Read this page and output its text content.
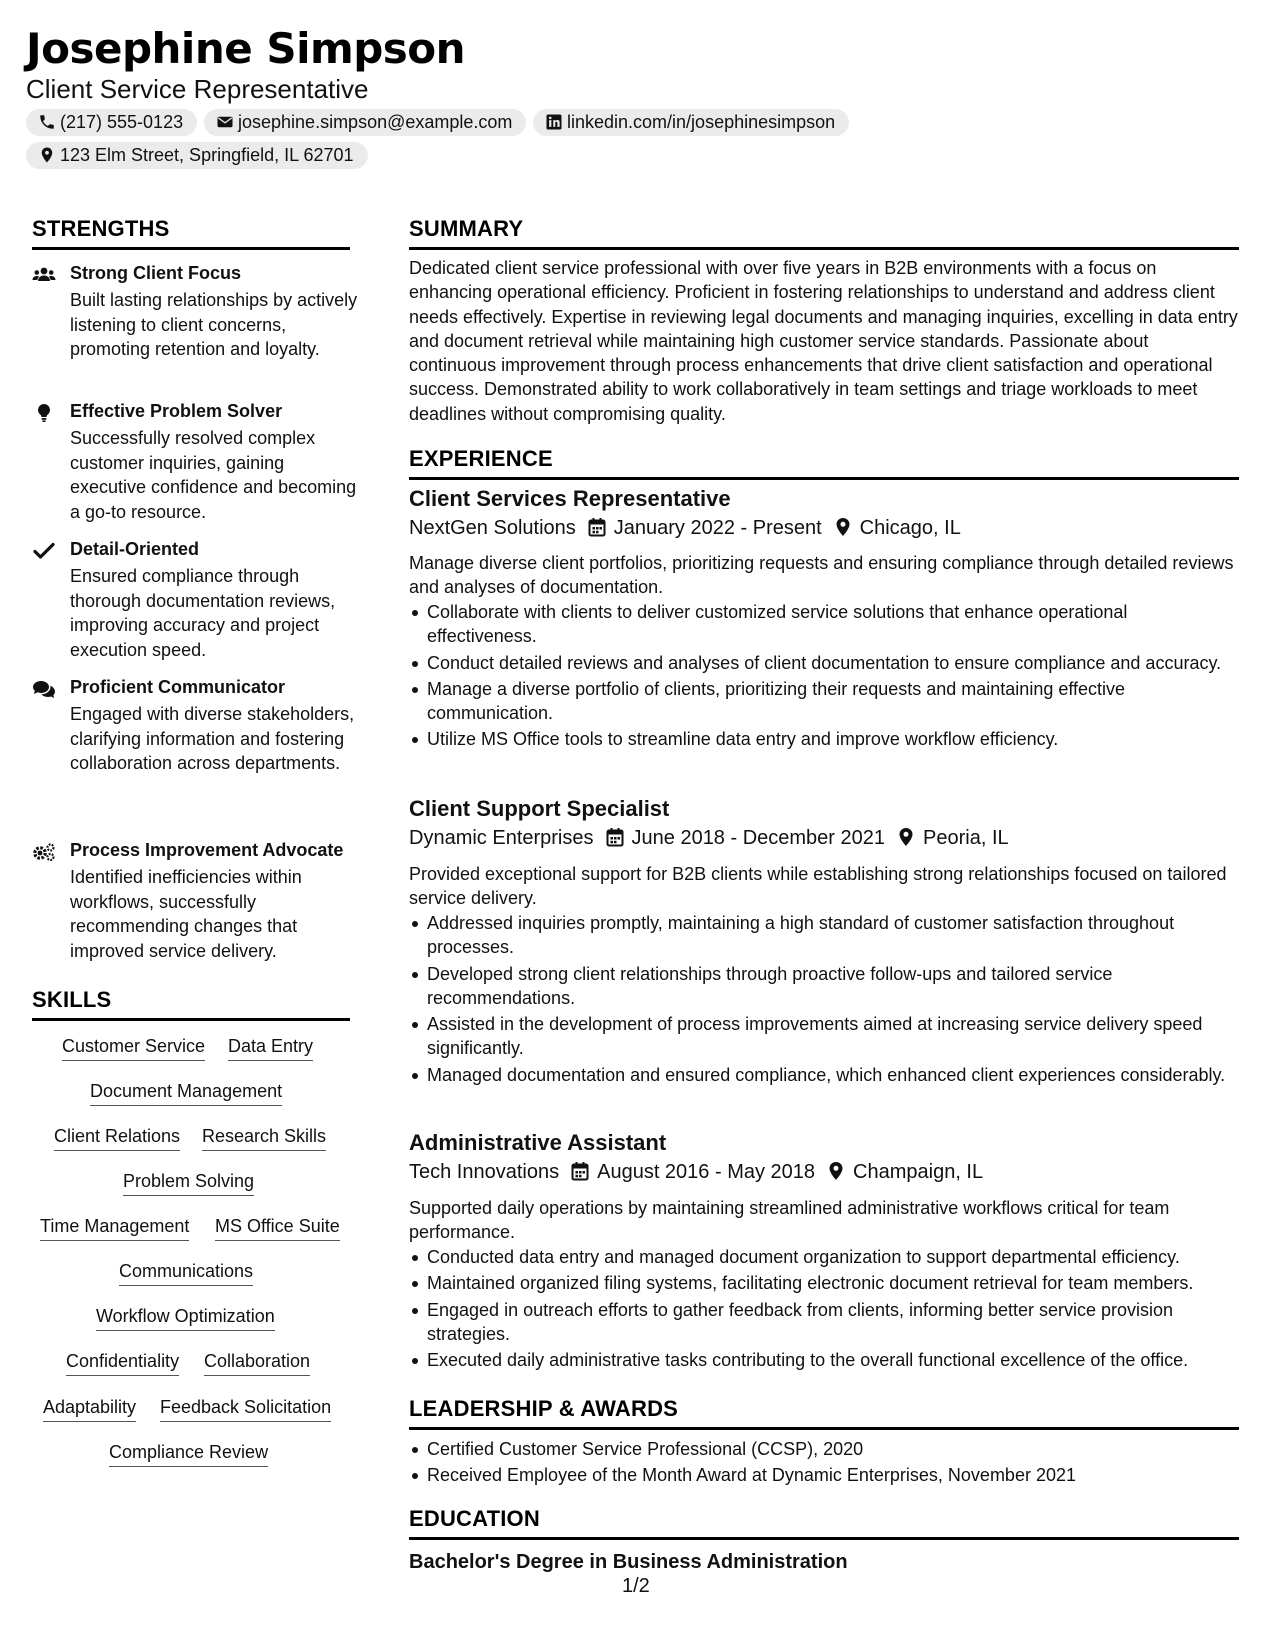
Josephine Simpson
Client Service Representative
(217) 555-0123	josephine.simpson@example.com	linkedin.com/in/josephinesimpson
123 Elm Street, Springfield, IL 62701
STRENGTHS
Strong Client Focus
Built lasting relationships by actively listening to client concerns, promoting retention and loyalty.
Effective Problem Solver
Successfully resolved complex customer inquiries, gaining executive confidence and becoming a go-to resource.
Detail-Oriented
Ensured compliance through thorough documentation reviews, improving accuracy and project execution speed.
Proficient Communicator
Engaged with diverse stakeholders, clarifying information and fostering collaboration across departments.
Process Improvement Advocate
Identified inefficiencies within workflows, successfully recommending changes that improved service delivery.
SKILLS
Customer Service Data Entry
Document Management
Client Relations Research Skills
Problem Solving
Time Management MS Office Suite
Communications
Workflow Optimization
Confidentiality Collaboration
Adaptability Feedback Solicitation
Compliance Review
SUMMARY
Dedicated client service professional with over five years in B2B environments with a focus on enhancing operational efficiency. Proficient in fostering relationships to understand and address client needs effectively. Expertise in reviewing legal documents and managing inquiries, excelling in data entry and document retrieval while maintaining high customer service standards. Passionate about continuous improvement through process enhancements that drive client satisfaction and operational success. Demonstrated ability to work collaboratively in team settings and triage workloads to meet deadlines without compromising quality.
EXPERIENCE
Client Services Representative
NextGen Solutions January 2022 - Present Chicago, IL
Manage diverse client portfolios, prioritizing requests and ensuring compliance through detailed reviews and analyses of documentation.
Collaborate with clients to deliver customized service solutions that enhance operational effectiveness.
Conduct detailed reviews and analyses of client documentation to ensure compliance and accuracy.
Manage a diverse portfolio of clients, prioritizing their requests and maintaining effective communication.
Utilize MS Office tools to streamline data entry and improve workflow efficiency.
Client Support Specialist
Dynamic Enterprises June 2018 - December 2021 Peoria, IL
Provided exceptional support for B2B clients while establishing strong relationships focused on tailored service delivery.
Addressed inquiries promptly, maintaining a high standard of customer satisfaction throughout processes.
Developed strong client relationships through proactive follow-ups and tailored service recommendations.
Assisted in the development of process improvements aimed at increasing service delivery speed significantly.
Managed documentation and ensured compliance, which enhanced client experiences considerably.
Administrative Assistant
Tech Innovations August 2016 - May 2018 Champaign, IL
Supported daily operations by maintaining streamlined administrative workflows critical for team performance.
Conducted data entry and managed document organization to support departmental efficiency.
Maintained organized filing systems, facilitating electronic document retrieval for team members.
Engaged in outreach efforts to gather feedback from clients, informing better service provision strategies.
Executed daily administrative tasks contributing to the overall functional excellence of the office.
LEADERSHIP & AWARDS
Certified Customer Service Professional (CCSP), 2020
Received Employee of the Month Award at Dynamic Enterprises, November 2021
EDUCATION
Bachelor's Degree in Business Administration
1/2
